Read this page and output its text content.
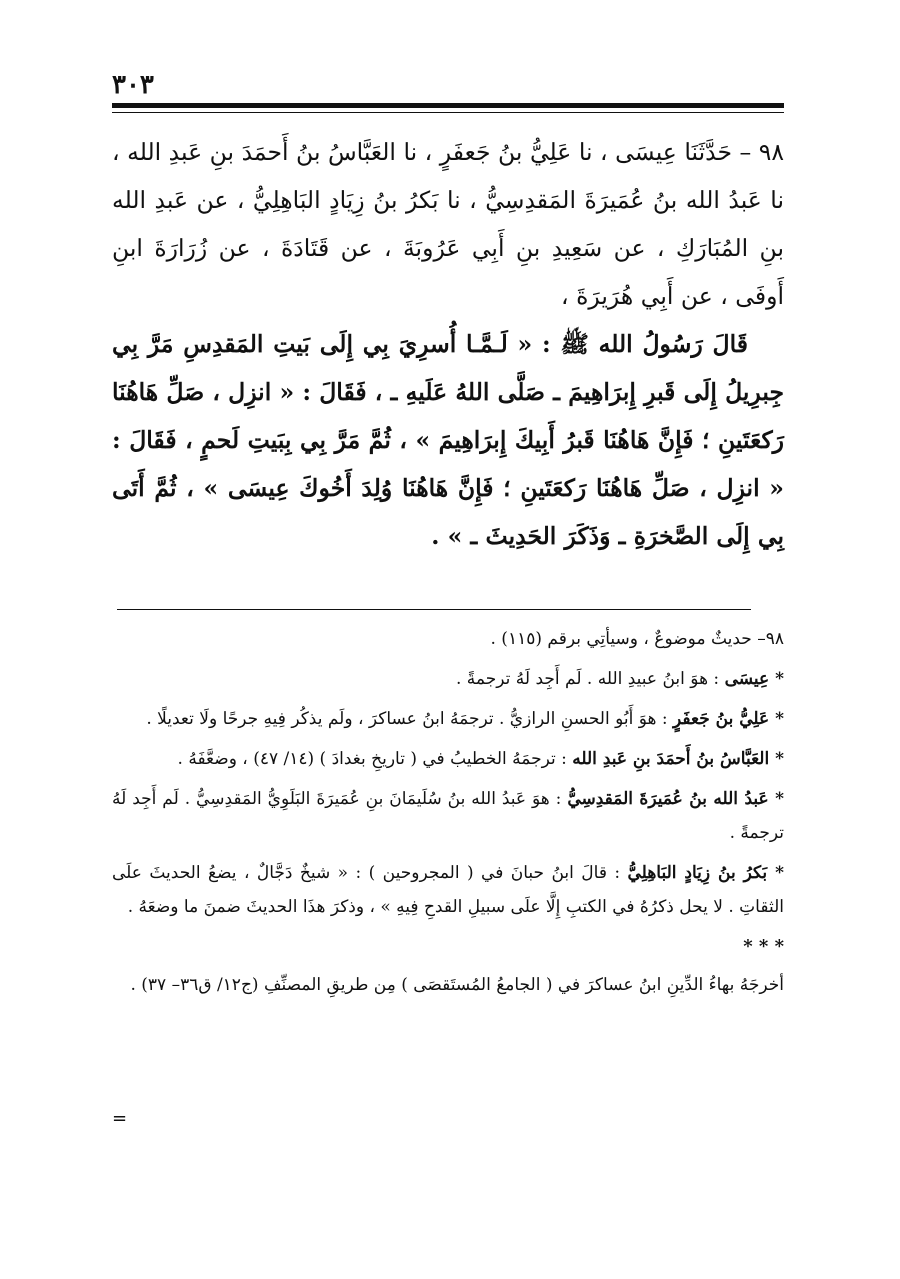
٣٠٣

٩٨ – حَدَّثَنَا عِيسَى ، نا عَلِيُّ بنُ جَعفَرٍ ، نا العَبَّاسُ بنُ أَحمَدَ بنِ عَبدِ الله ، نا عَبدُ الله بنُ عُمَيرَةَ المَقدِسِيُّ ، نا بَكرُ بنُ زِيَادٍ البَاهِلِيُّ ، عن عَبدِ الله بنِ المُبَارَكِ ، عن سَعِيدِ بنِ أَبِي عَرُوبَةَ ، عن قَتَادَةَ ، عن زُرَارَةَ ابنِ أَوفَى ، عن أَبِي هُرَيرَةَ ،

قَالَ رَسُولُ الله ﷺ : « لَـمَّـا أُسرِيَ بِي إِلَى بَيتِ المَقدِسِ مَرَّ بِي جِبرِيلُ إِلَى قَبرِ إِبرَاهِيمَ ـ صَلَّى اللهُ عَلَيهِ ـ ، فَقَالَ : « انزِل ، صَلِّ هَاهُنَا رَكعَتَينِ ؛ فَإِنَّ هَاهُنَا قَبرُ أَبِيكَ إِبرَاهِيمَ » ، ثُمَّ مَرَّ بِي بِبَيتِ لَحمٍ ، فَقَالَ : « انزِل ، صَلِّ هَاهُنَا رَكعَتَينِ ؛ فَإِنَّ هَاهُنَا وُلِدَ أَخُوكَ عِيسَى » ، ثُمَّ أَتَى بِي إِلَى الصَّخرَةِ ـ وَذَكَرَ الحَدِيثَ ـ » .

٩٨– حديثٌ موضوعٌ ، وسيأتِي برقم (١١٥) .

* عِيسَى : هوَ ابنُ عبيدِ الله . لَم أَجِد لَهُ ترجمةً .

* عَلِيُّ بنُ جَعفَرٍ : هوَ أَبُو الحسنِ الرازيُّ . ترجمَهُ ابنُ عساكرَ ، ولَم يذكُر فِيهِ جرحًا ولَا تعديلًا .

* العَبَّاسُ بنُ أَحمَدَ بنِ عَبدِ الله : ترجمَهُ الخطيبُ في ( تاريخِ بغدادَ ) (١٤/ ٤٧) ، وضعَّفَهُ .

* عَبدُ الله بنُ عُمَيرَةَ المَقدِسِيُّ : هوَ عَبدُ الله بنُ سُلَيمَانَ بنِ عُمَيرَةَ البَلَوِيُّ المَقدِسِيُّ . لَم أَجِد لَهُ ترجمةً .

* بَكرُ بنُ زِيَادٍ البَاهِلِيُّ : قالَ ابنُ حبانَ في ( المجروحين ) : « شيخٌ دَجَّالٌ ، يضعُ الحديثَ علَى الثقاتِ . لا يحل ذكرُهُ في الكتبِ إِلَّا علَى سبيلِ القدحِ فِيهِ » ، وذكرَ هذَا الحديثَ ضمنَ ما وضعَهُ .

* * *

أخرجَهُ بهاءُ الدِّينِ ابنُ عساكرَ في ( الجامعُ المُستَقصَى ) مِن طريقِ المصنِّفِ (ج١٢/ ق٣٦– ٣٧) .

=
